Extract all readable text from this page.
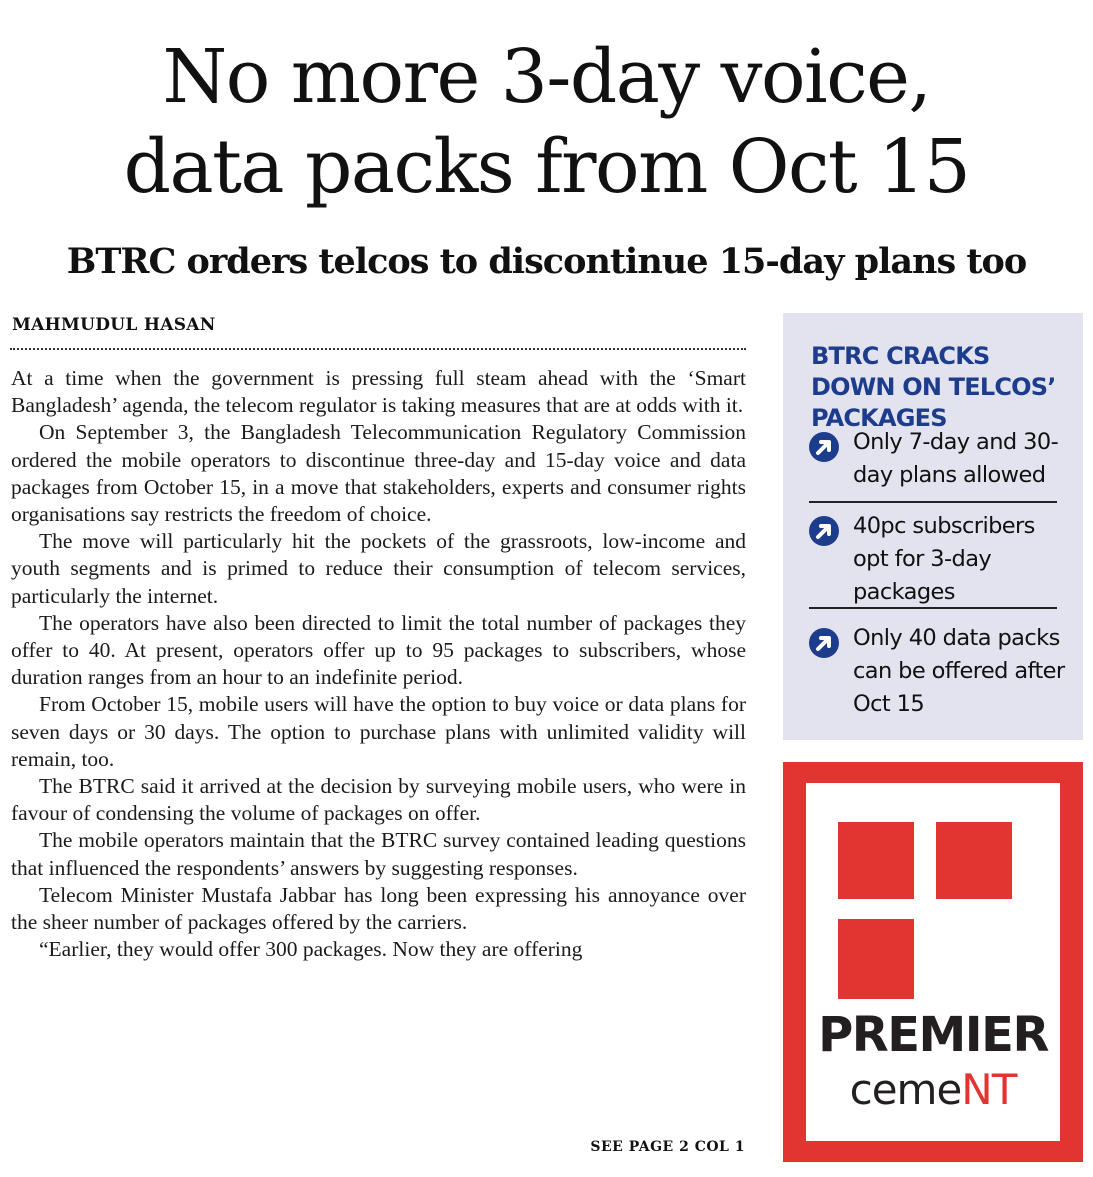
No more 3-day voice,
data packs from Oct 15
BTRC orders telcos to discontinue 15-day plans too
MAHMUDUL HASAN

At a time when the government is pressing full steam ahead with the ‘Smart Bangladesh’ agenda, the telecom regulator is taking measures that are at odds with it.

On September 3, the Bangladesh Telecommunication Regulatory Commission ordered the mobile operators to discontinue three-day and 15-day voice and data packages from October 15, in a move that stakeholders, experts and consumer rights organisations say restricts the freedom of choice.

The move will particularly hit the pockets of the grassroots, low-income and youth segments and is primed to reduce their consumption of telecom services, particularly the internet.

The operators have also been directed to limit the total number of packages they offer to 40. At present, operators offer up to 95 packages to subscribers, whose duration ranges from an hour to an indefinite period.

From October 15, mobile users will have the option to buy voice or data plans for seven days or 30 days. The option to purchase plans with unlimited validity will remain, too.

The BTRC said it arrived at the decision by surveying mobile users, who were in favour of condensing the volume of packages on offer.

The mobile operators maintain that the BTRC survey contained leading questions that influenced the respondents’ answers by suggesting responses.

Telecom Minister Mustafa Jabbar has long been expressing his annoyance over the sheer number of packages offered by the carriers.

“Earlier, they would offer 300 packages. Now they are offering

SEE PAGE 2 COL 1
BTRC CRACKS DOWN ON TELCOS’ PACKAGES
Only 7-day and 30-day plans allowed
40pc subscribers opt for 3-day packages
Only 40 data packs can be offered after Oct 15
PREMIER
cemeNT
